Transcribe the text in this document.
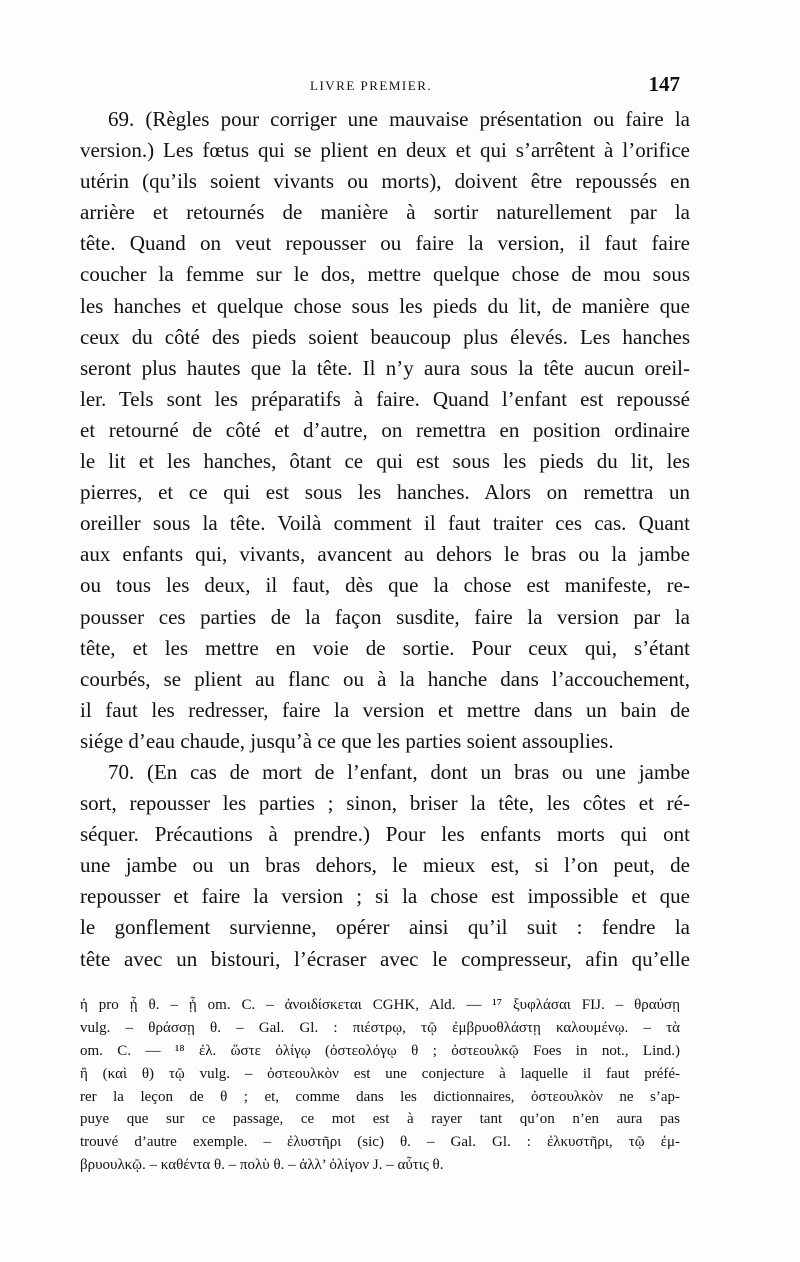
LIVRE PREMIER.	147
69. (Règles pour corriger une mauvaise présentation ou faire la
version.) Les fœtus qui se plient en deux et qui s’arrêtent à l’orifice
utérin (qu’ils soient vivants ou morts), doivent être repoussés en
arrière et retournés de manière à sortir naturellement par la
tête. Quand on veut repousser ou faire la version, il faut faire
coucher la femme sur le dos, mettre quelque chose de mou sous
les hanches et quelque chose sous les pieds du lit, de manière que
ceux du côté des pieds soient beaucoup plus élevés. Les hanches
seront plus hautes que la tête. Il n’y aura sous la tête aucun oreil-
ler. Tels sont les préparatifs à faire. Quand l’enfant est repoussé
et retourné de côté et d’autre, on remettra en position ordinaire
le lit et les hanches, ôtant ce qui est sous les pieds du lit, les
pierres, et ce qui est sous les hanches. Alors on remettra un
oreiller sous la tête. Voilà comment il faut traiter ces cas. Quant
aux enfants qui, vivants, avancent au dehors le bras ou la jambe
ou tous les deux, il faut, dès que la chose est manifeste, re-
pousser ces parties de la façon susdite, faire la version par la
tête, et les mettre en voie de sortie. Pour ceux qui, s’étant
courbés, se plient au flanc ou à la hanche dans l’accouchement,
il faut les redresser, faire la version et mettre dans un bain de
siége d’eau chaude, jusqu’à ce que les parties soient assouplies.
70. (En cas de mort de l’enfant, dont un bras ou une jambe
sort, repousser les parties ; sinon, briser la tête, les côtes et ré-
séquer. Précautions à prendre.) Pour les enfants morts qui ont
une jambe ou un bras dehors, le mieux est, si l’on peut, de
repousser et faire la version ; si la chose est impossible et que
le gonflement survienne, opérer ainsi qu’il suit : fendre la
tête avec un bistouri, l’écraser avec le compresseur, afin qu’elle
ἡ pro ᾗ θ. – ᾗ om. C. – ἀνοιδίσκεται CGHK, Ald. — ¹⁷ ξυφλάσαι FIJ. – θραύσῃ
vulg. – θράσσῃ θ. – Gal. Gl. : πιέστρῳ, τῷ ἐμβρυοθλάστῃ καλουμένῳ. – τὰ
om. C. — ¹⁸ ἐλ. ὥστε ὀλίγῳ (ὀστεολόγῳ θ ; ὀστεουλκῷ Foes in not., Lind.)
ἢ (καὶ θ) τῷ vulg. – ὀστεουλκὸν est une conjecture à laquelle il faut préfé-
rer la leçon de θ ; et, comme dans les dictionnaires, ὀστεουλκὸν ne s’ap-
puye que sur ce passage, ce mot est à rayer tant qu’on n’en aura pas
trouvé d’autre exemple. – ἐλυστῆρι (sic) θ. – Gal. Gl. : ἐλκυστῆρι, τῷ ἐμ-
βρυουλκῷ. – καθέντα θ. – πολὺ θ. – ἀλλ’ ὀλίγον J. – αὖτις θ.
